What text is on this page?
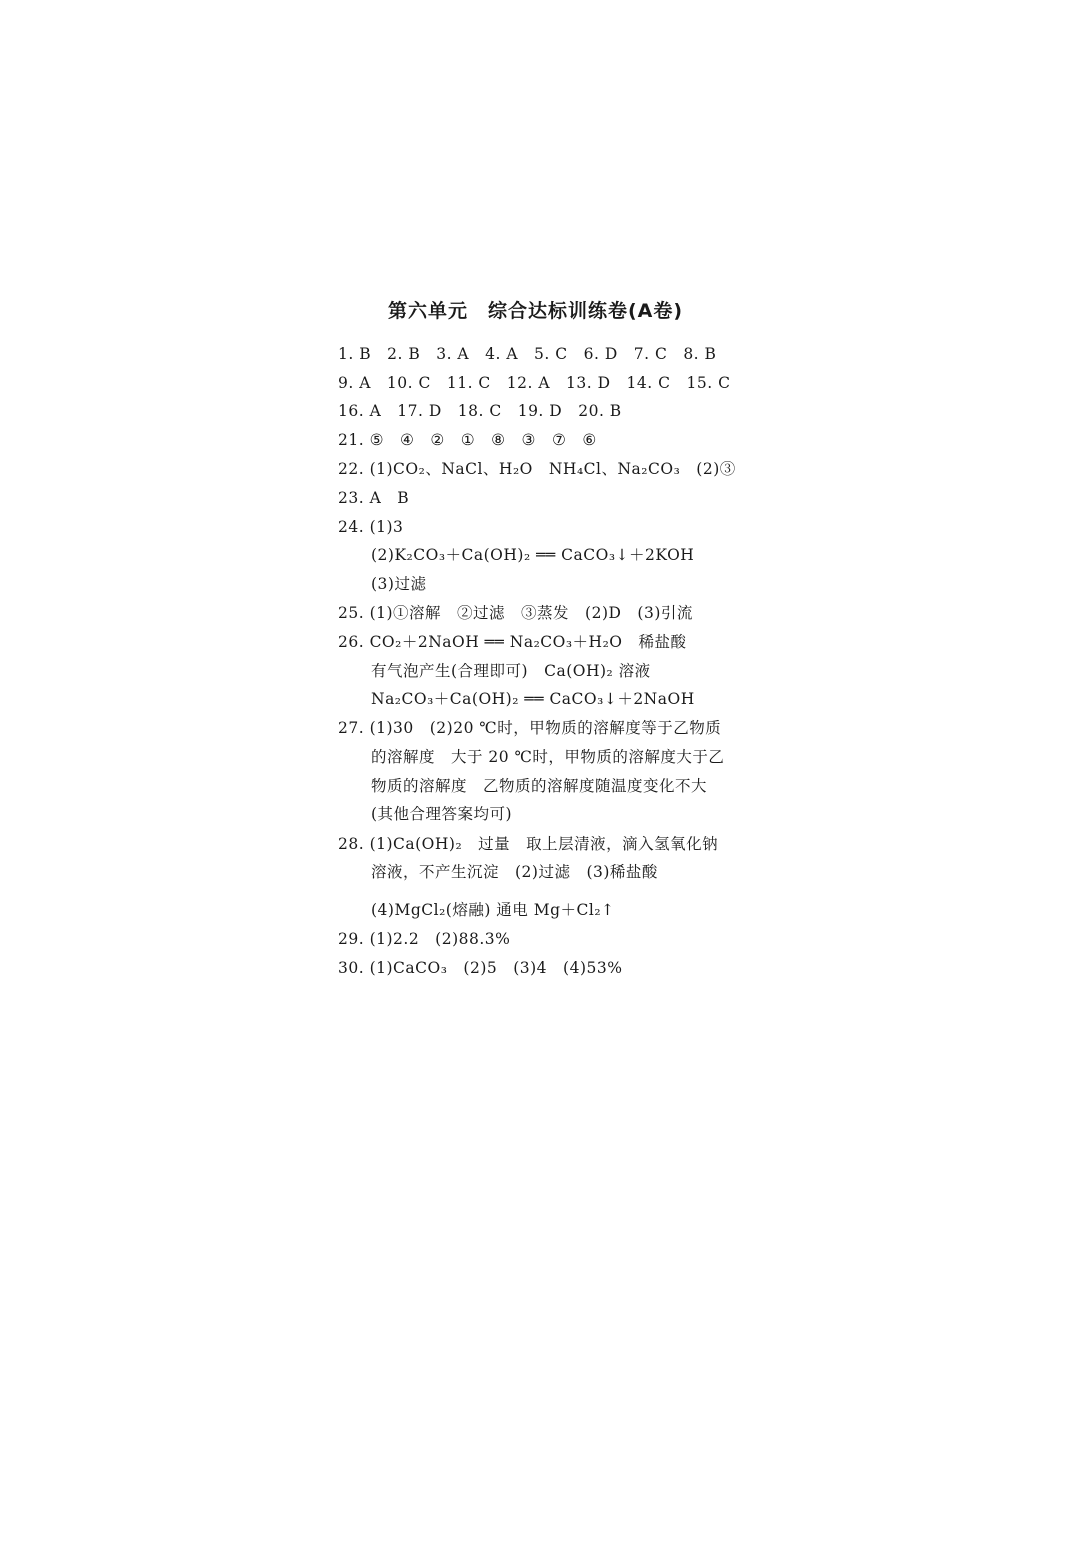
第六单元　综合达标训练卷(A卷)
1. B　2. B　3. A　4. A　5. C　6. D　7. C　8. B
9. A　10. C　11. C　12. A　13. D　14. C　15. C
16. A　17. D　18. C　19. D　20. B
21. ⑤　④　②　①　⑧　③　⑦　⑥
22. (1)CO₂、NaCl、H₂O　NH₄Cl、Na₂CO₃　(2)③
23. A　B
24. (1)3
(2)K₂CO₃＋Ca(OH)₂ ══ CaCO₃↓＋2KOH
(3)过滤
25. (1)①溶解　②过滤　③蒸发　(2)D　(3)引流
26. CO₂＋2NaOH ══ Na₂CO₃＋H₂O　稀盐酸
有气泡产生(合理即可)　Ca(OH)₂ 溶液
Na₂CO₃＋Ca(OH)₂ ══ CaCO₃↓＋2NaOH
27. (1)30　(2)20 ℃时，甲物质的溶解度等于乙物质
的溶解度　大于 20 ℃时，甲物质的溶解度大于乙
物质的溶解度　乙物质的溶解度随温度变化不大
(其他合理答案均可)
28. (1)Ca(OH)₂　过量　取上层清液，滴入氢氧化钠
溶液，不产生沉淀　(2)过滤　(3)稀盐酸
(4)MgCl₂(熔融) 通电 Mg＋Cl₂↑
29. (1)2.2　(2)88.3%
30. (1)CaCO₃　(2)5　(3)4　(4)53%
